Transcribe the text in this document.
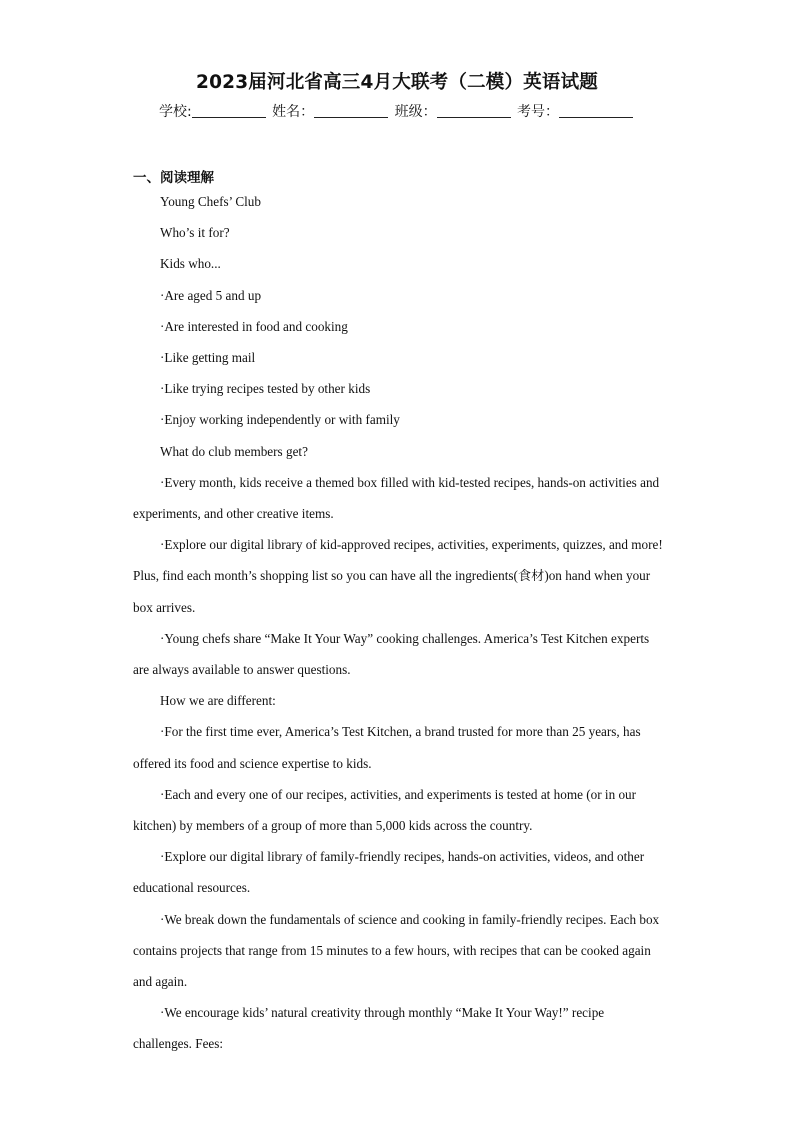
2023届河北省高三4月大联考（二模）英语试题
学校:	姓名：	班级：	考号：
一、阅读理解

Young Chefs’ Club

Who’s it for?

Kids who...

·Are aged 5 and up

·Are interested in food and cooking

·Like getting mail

·Like trying recipes tested by other kids

·Enjoy working independently or with family

What do club members get?

·Every month, kids receive a themed box filled with kid-tested recipes, hands-on activities and experiments, and other creative items.

·Explore our digital library of kid-approved recipes, activities, experiments, quizzes, and more! Plus, find each month’s shopping list so you can have all the ingredients(食材)on hand when your box arrives.

·Young chefs share “Make It Your Way” cooking challenges. America’s Test Kitchen experts are always available to answer questions.

How we are different:

·For the first time ever, America’s Test Kitchen, a brand trusted for more than 25 years, has offered its food and science expertise to kids.

·Each and every one of our recipes, activities, and experiments is tested at home (or in our kitchen) by members of a group of more than 5,000 kids across the country.

·Explore our digital library of family-friendly recipes, hands-on activities, videos, and other educational resources.

·We break down the fundamentals of science and cooking in family-friendly recipes. Each box contains projects that range from 15 minutes to a few hours, with recipes that can be cooked again and again.

·We encourage kids’ natural creativity through monthly “Make It Your Way!” recipe challenges. Fees:
